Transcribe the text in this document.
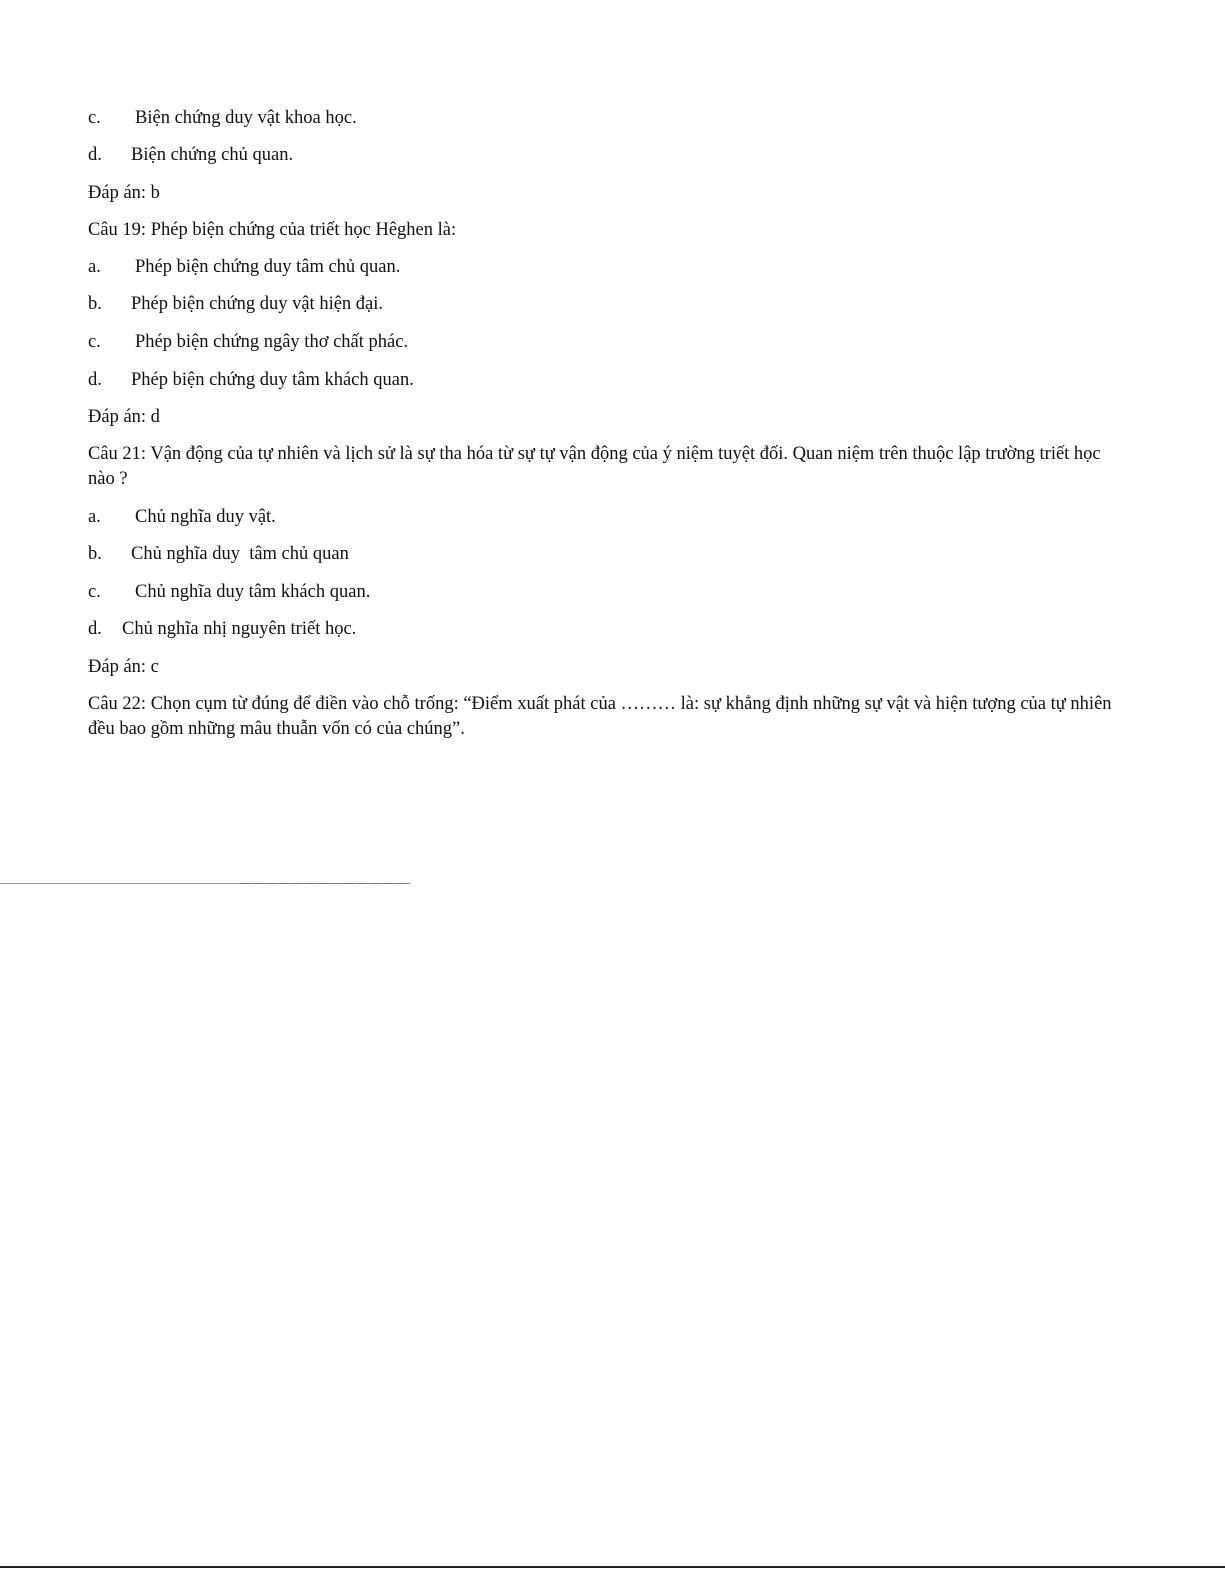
c. Biện chứng duy vật khoa học.
d. Biện chứng chủ quan.
Đáp án: b
Câu 19: Phép biện chứng của triết học Hêghen là:
a. Phép biện chứng duy tâm chủ quan.
b. Phép biện chứng duy vật hiện đại.
c. Phép biện chứng ngây thơ chất phác.
d. Phép biện chứng duy tâm khách quan.
Đáp án: d
Câu 21: Vận động của tự nhiên và lịch sử là sự tha hóa từ sự tự vận động của ý niệm tuyệt đối. Quan niệm trên thuộc lập trường triết học nào ?
a. Chủ nghĩa duy vật.
b. Chủ nghĩa duy  tâm chủ quan
c. Chủ nghĩa duy tâm khách quan.
d. Chủ nghĩa nhị nguyên triết học.
Đáp án: c
Câu 22: Chọn cụm từ đúng để điền vào chỗ trống: “Điểm xuất phát của ……… là: sự khẳng định những sự vật và hiện tượng của tự nhiên đều bao gồm những mâu thuẫn vốn có của chúng”.
